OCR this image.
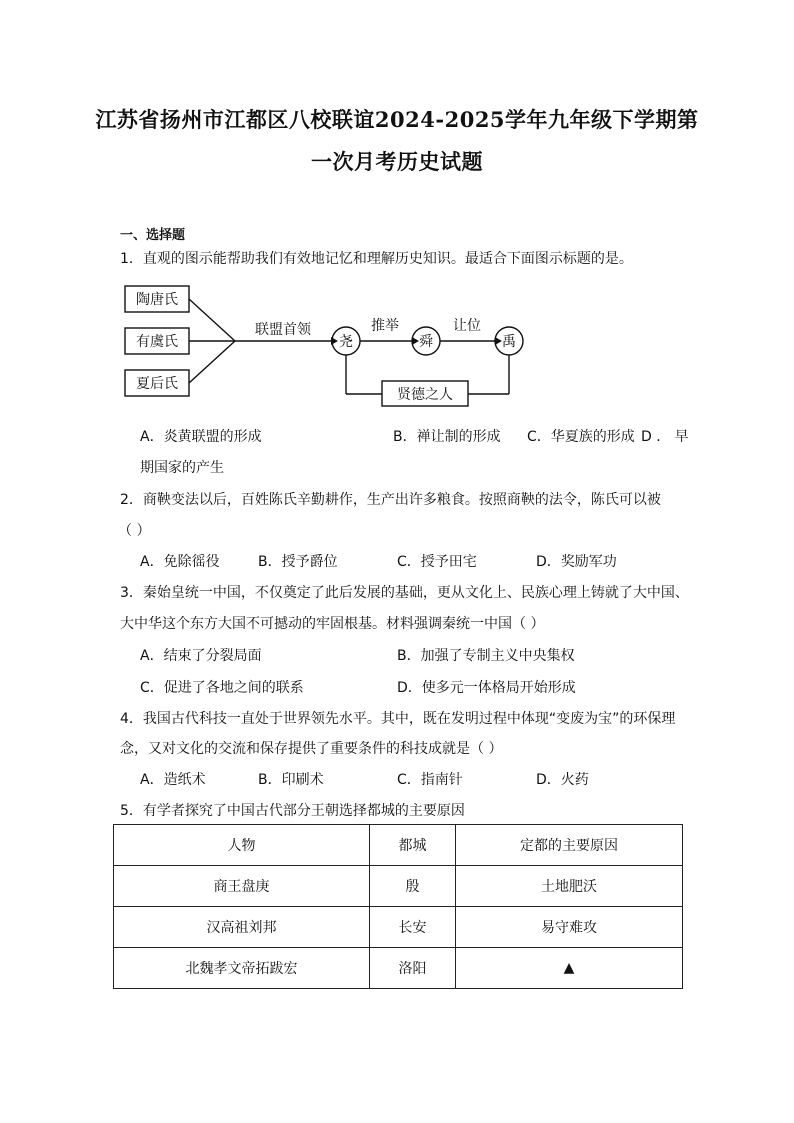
江苏省扬州市江都区八校联谊2024-2025学年九年级下学期第
一次月考历史试题
一、选择题
1．直观的图示能帮助我们有效地记忆和理解历史知识。最适合下面图示标题的是。
陶唐氏
有虞氏
夏后氏
联盟首领	推举	让位
尧	舜	禹
贤德之人
A．炎黄联盟的形成	B．禅让制的形成 C．华夏族的形成 D ． 早
期国家的产生
2．商鞅变法以后，百姓陈氏辛勤耕作，生产出许多粮食。按照商鞅的法令，陈氏可以被
（ ）
A．免除徭役	B．授予爵位	C．授予田宅	D．奖励军功
3．秦始皇统一中国，不仅奠定了此后发展的基础，更从文化上、民族心理上铸就了大中国、
大中华这个东方大国不可撼动的牢固根基。材料强调秦统一中国（ ）
A．结束了分裂局面	B．加强了专制主义中央集权
C．促进了各地之间的联系	D．使多元一体格局开始形成
4．我国古代科技一直处于世界领先水平。其中，既在发明过程中体现“变废为宝”的环保理
念，又对文化的交流和保存提供了重要条件的科技成就是（ ）
A．造纸术	B．印刷术	C．指南针	D．火药
5．有学者探究了中国古代部分王朝选择都城的主要原因
人物	都城	定都的主要原因
商王盘庚	殷	土地肥沃
汉高祖刘邦	长安	易守难攻
北魏孝文帝拓跋宏	洛阳	▲
